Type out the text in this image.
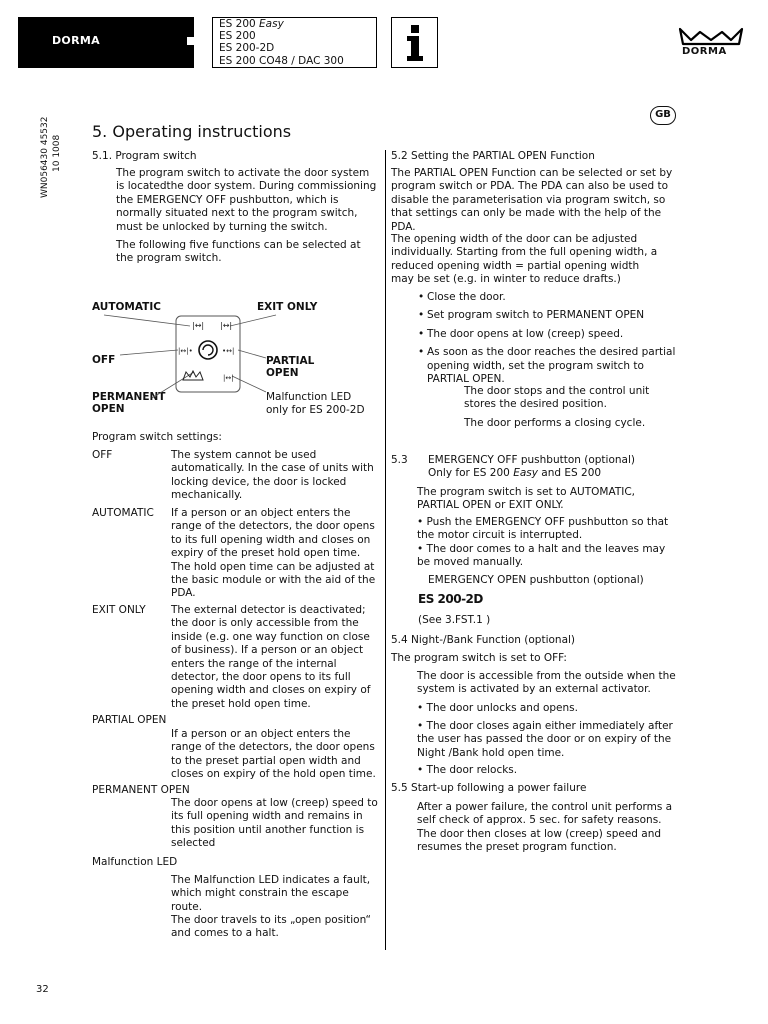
DORMA
ES 200 Easy
ES 200
ES 200-2D
ES 200 CO48 / DAC 300
DORMA
GB
WN056430 45532 10 1008
5. Operating instructions
5.1. Program switch
The program switch to activate the door system is locatedthe door system. During commissioning the EMERGENCY OFF pushbutton, which is normally situated next to the program switch, must be unlocked by turning the switch.
The following five functions can be selected at the program switch.
AUTOMATIC	EXIT ONLY
OFF	PARTIAL
OPEN
PERMANENT
OPEN
Malfunction LED
only for ES 200-2D
|↔| |↔|
|↔|•	•↔|
|↔|
Program switch settings:
OFF	The system cannot be used automatically. In the case of units with locking device, the door is locked mechanically.
AUTOMATIC If a person or an object enters the range of the detectors, the door opens to its full opening width and closes on expiry of the preset hold open time. The hold open time can be adjusted at the basic module or with the aid of the PDA.
EXIT ONLY The external detector is deactivated; the door is only accessible from the inside (e.g. one way function on close of business). If a person or an object enters the range of the internal detector, the door opens to its full opening width and closes on expiry of the preset hold open time.
PARTIAL OPEN
If a person or an object enters the range of the detectors, the door opens to the preset partial open width and closes on expiry of the hold open time.
PERMANENT OPEN
The door opens at low (creep) speed to its full opening width and remains in this position until another function is selected
Malfunction LED
The Malfunction LED indicates a fault, which might constrain the escape route.
The door travels to its „open position“ and comes to a halt.
5.2 Setting the PARTIAL OPEN Function
The PARTIAL OPEN Function can be selected or set by program switch or PDA. The PDA can also be used to disable the parameterisation via program switch, so that settings can only be made with the help of the PDA.
The opening width of the door can be adjusted individually. Starting from the full opening width, a reduced opening width = partial opening width
may be set (e.g. in winter to reduce drafts.)
• Close the door.
• Set program switch to PERMANENT OPEN
• The door opens at low (creep) speed.
• As soon as the door reaches the desired partial opening width, set the program switch to PARTIAL OPEN.
The door stops and the control unit stores the desired position.
The door performs a closing cycle.
5.3 EMERGENCY OFF pushbutton (optional)
Only for ES 200 Easy and ES 200
The program switch is set to AUTOMATIC, PARTIAL OPEN or EXIT ONLY.
• Push the EMERGENCY OFF pushbutton so that the motor circuit is interrupted.
• The door comes to a halt and the leaves may be moved manually.
EMERGENCY OPEN pushbutton (optional)
ES 200-2D
(See 3.FST.1 )
5.4 Night-/Bank Function (optional)
The program switch is set to OFF:
The door is accessible from the outside when the system is activated by an external activator.
• The door unlocks and opens.
• The door closes again either immediately after the user has passed the door or on expiry of the Night /Bank hold open time.
• The door relocks.
5.5 Start-up following a power failure
After a power failure, the control unit performs a self check of approx. 5 sec. for safety reasons. The door then closes at low (creep) speed and resumes the preset program function.
32
